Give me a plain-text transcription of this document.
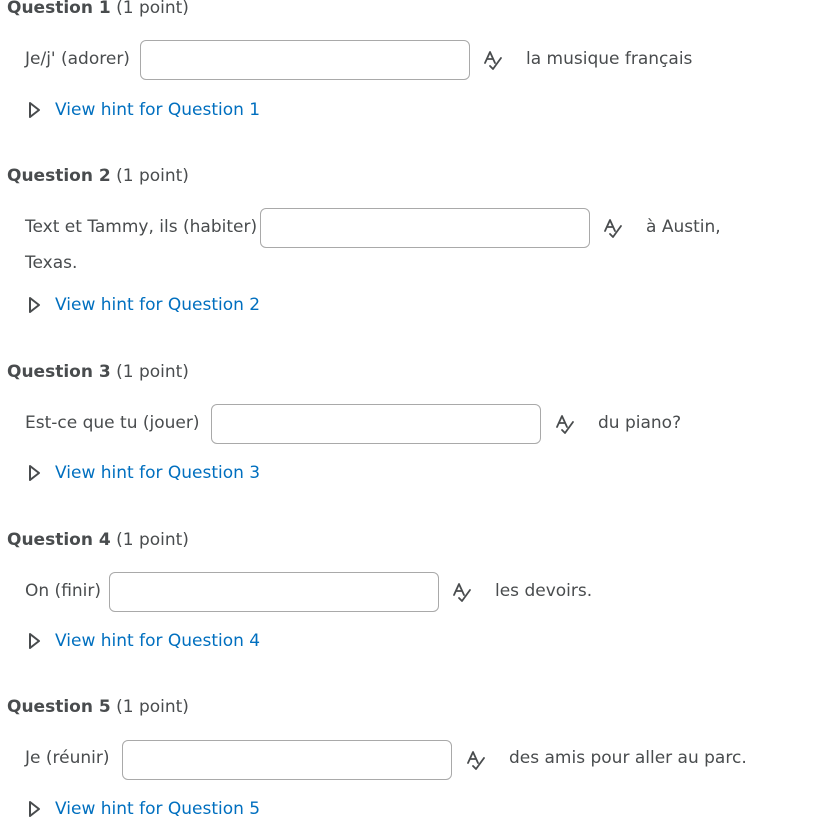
Question 1 (1 point)
Je/j' (adorer)	la musique français
View hint for Question 1
Question 2 (1 point)
Text et Tammy, ils (habiter)	à Austin,
Texas.
View hint for Question 2
Question 3 (1 point)
Est-ce que tu (jouer)	du piano?
View hint for Question 3
Question 4 (1 point)
On (finir)	les devoirs.
View hint for Question 4
Question 5 (1 point)
Je (réunir)	des amis pour aller au parc.
View hint for Question 5
